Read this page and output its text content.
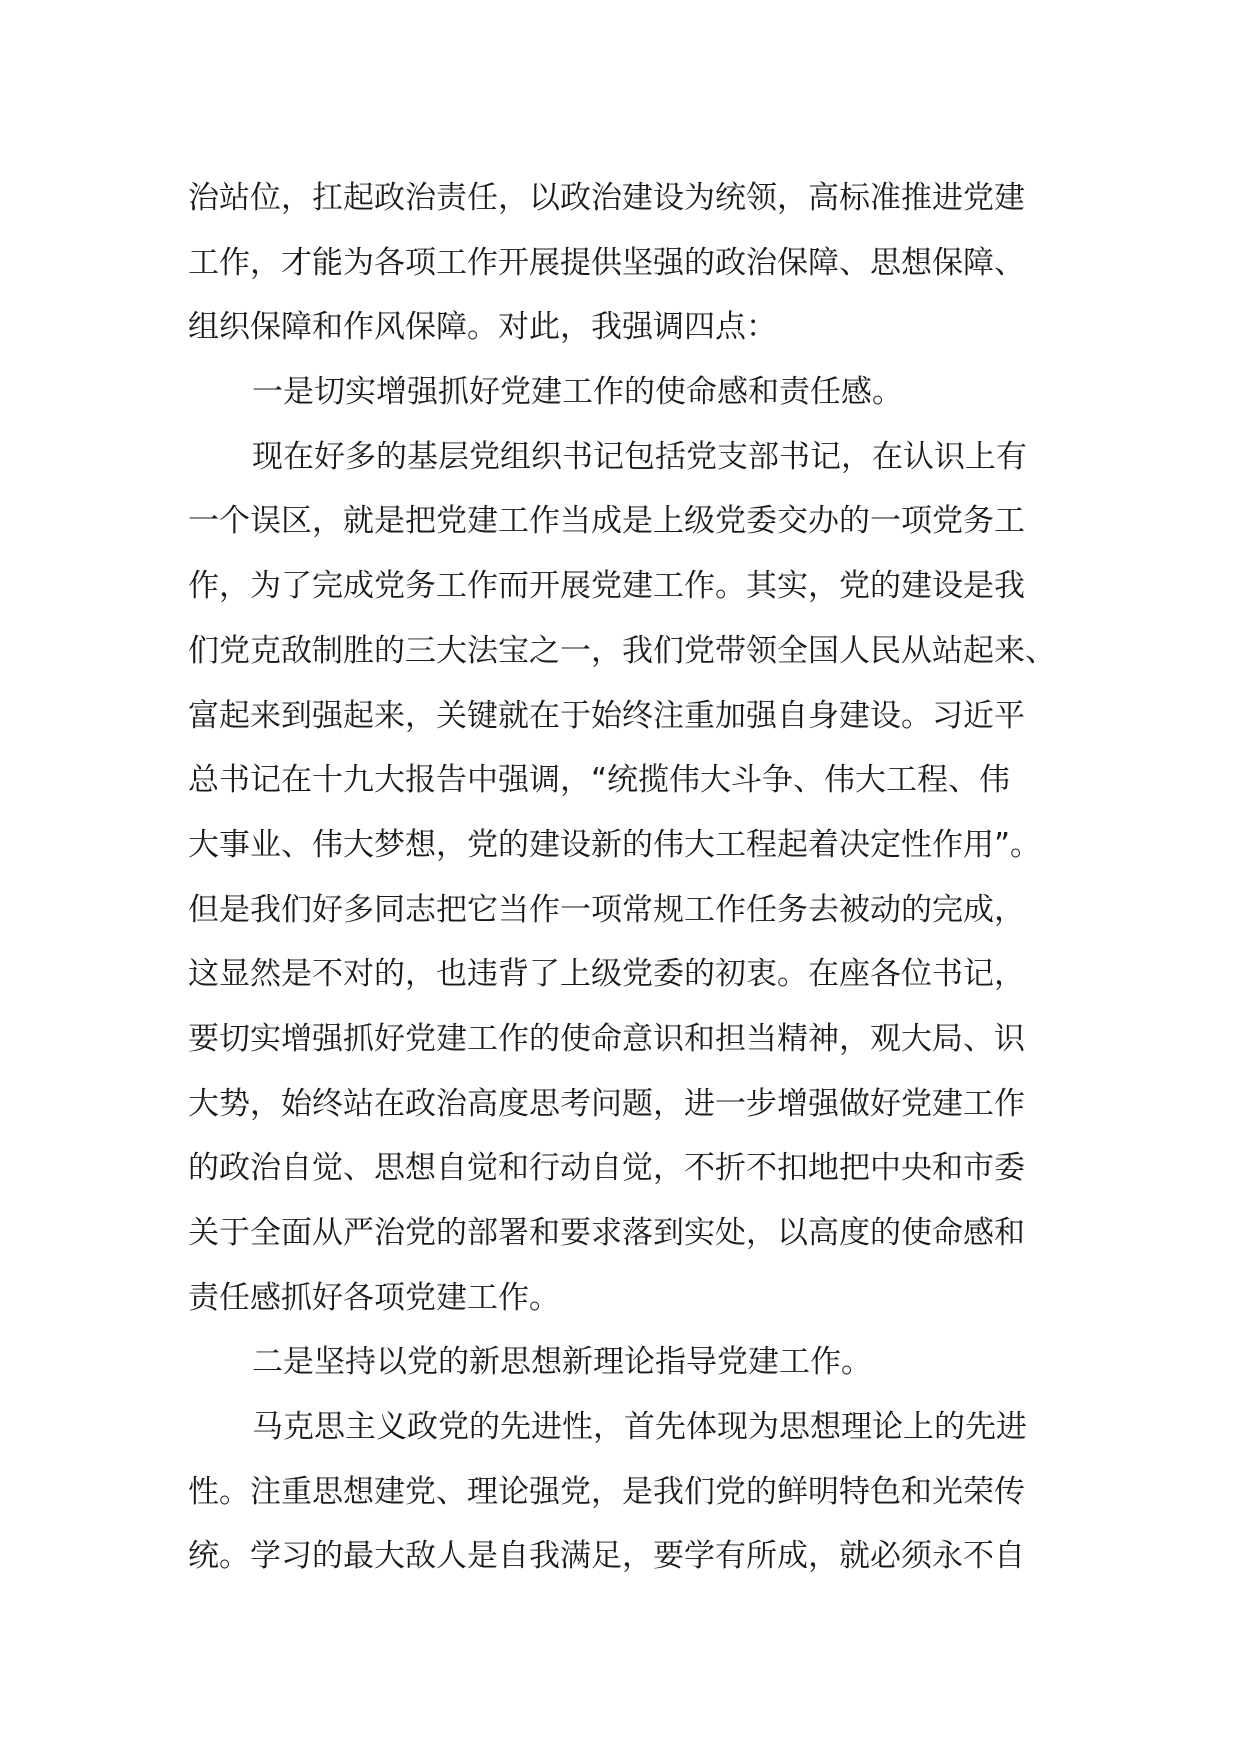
治站位，扛起政治责任，以政治建设为统领，高标准推进党建
工作，才能为各项工作开展提供坚强的政治保障、思想保障、
组织保障和作风保障。对此，我强调四点：
一是切实增强抓好党建工作的使命感和责任感。
现在好多的基层党组织书记包括党支部书记，在认识上有
一个误区，就是把党建工作当成是上级党委交办的一项党务工
作，为了完成党务工作而开展党建工作。其实，党的建设是我
们党克敌制胜的三大法宝之一，我们党带领全国人民从站起来、
富起来到强起来，关键就在于始终注重加强自身建设。习近平
总书记在十九大报告中强调，“统揽伟大斗争、伟大工程、伟
大事业、伟大梦想，党的建设新的伟大工程起着决定性作用”。
但是我们好多同志把它当作一项常规工作任务去被动的完成，
这显然是不对的，也违背了上级党委的初衷。在座各位书记，
要切实增强抓好党建工作的使命意识和担当精神，观大局、识
大势，始终站在政治高度思考问题，进一步增强做好党建工作
的政治自觉、思想自觉和行动自觉，不折不扣地把中央和市委
关于全面从严治党的部署和要求落到实处，以高度的使命感和
责任感抓好各项党建工作。
二是坚持以党的新思想新理论指导党建工作。
马克思主义政党的先进性，首先体现为思想理论上的先进
性。注重思想建党、理论强党，是我们党的鲜明特色和光荣传
统。学习的最大敌人是自我满足，要学有所成，就必须永不自
